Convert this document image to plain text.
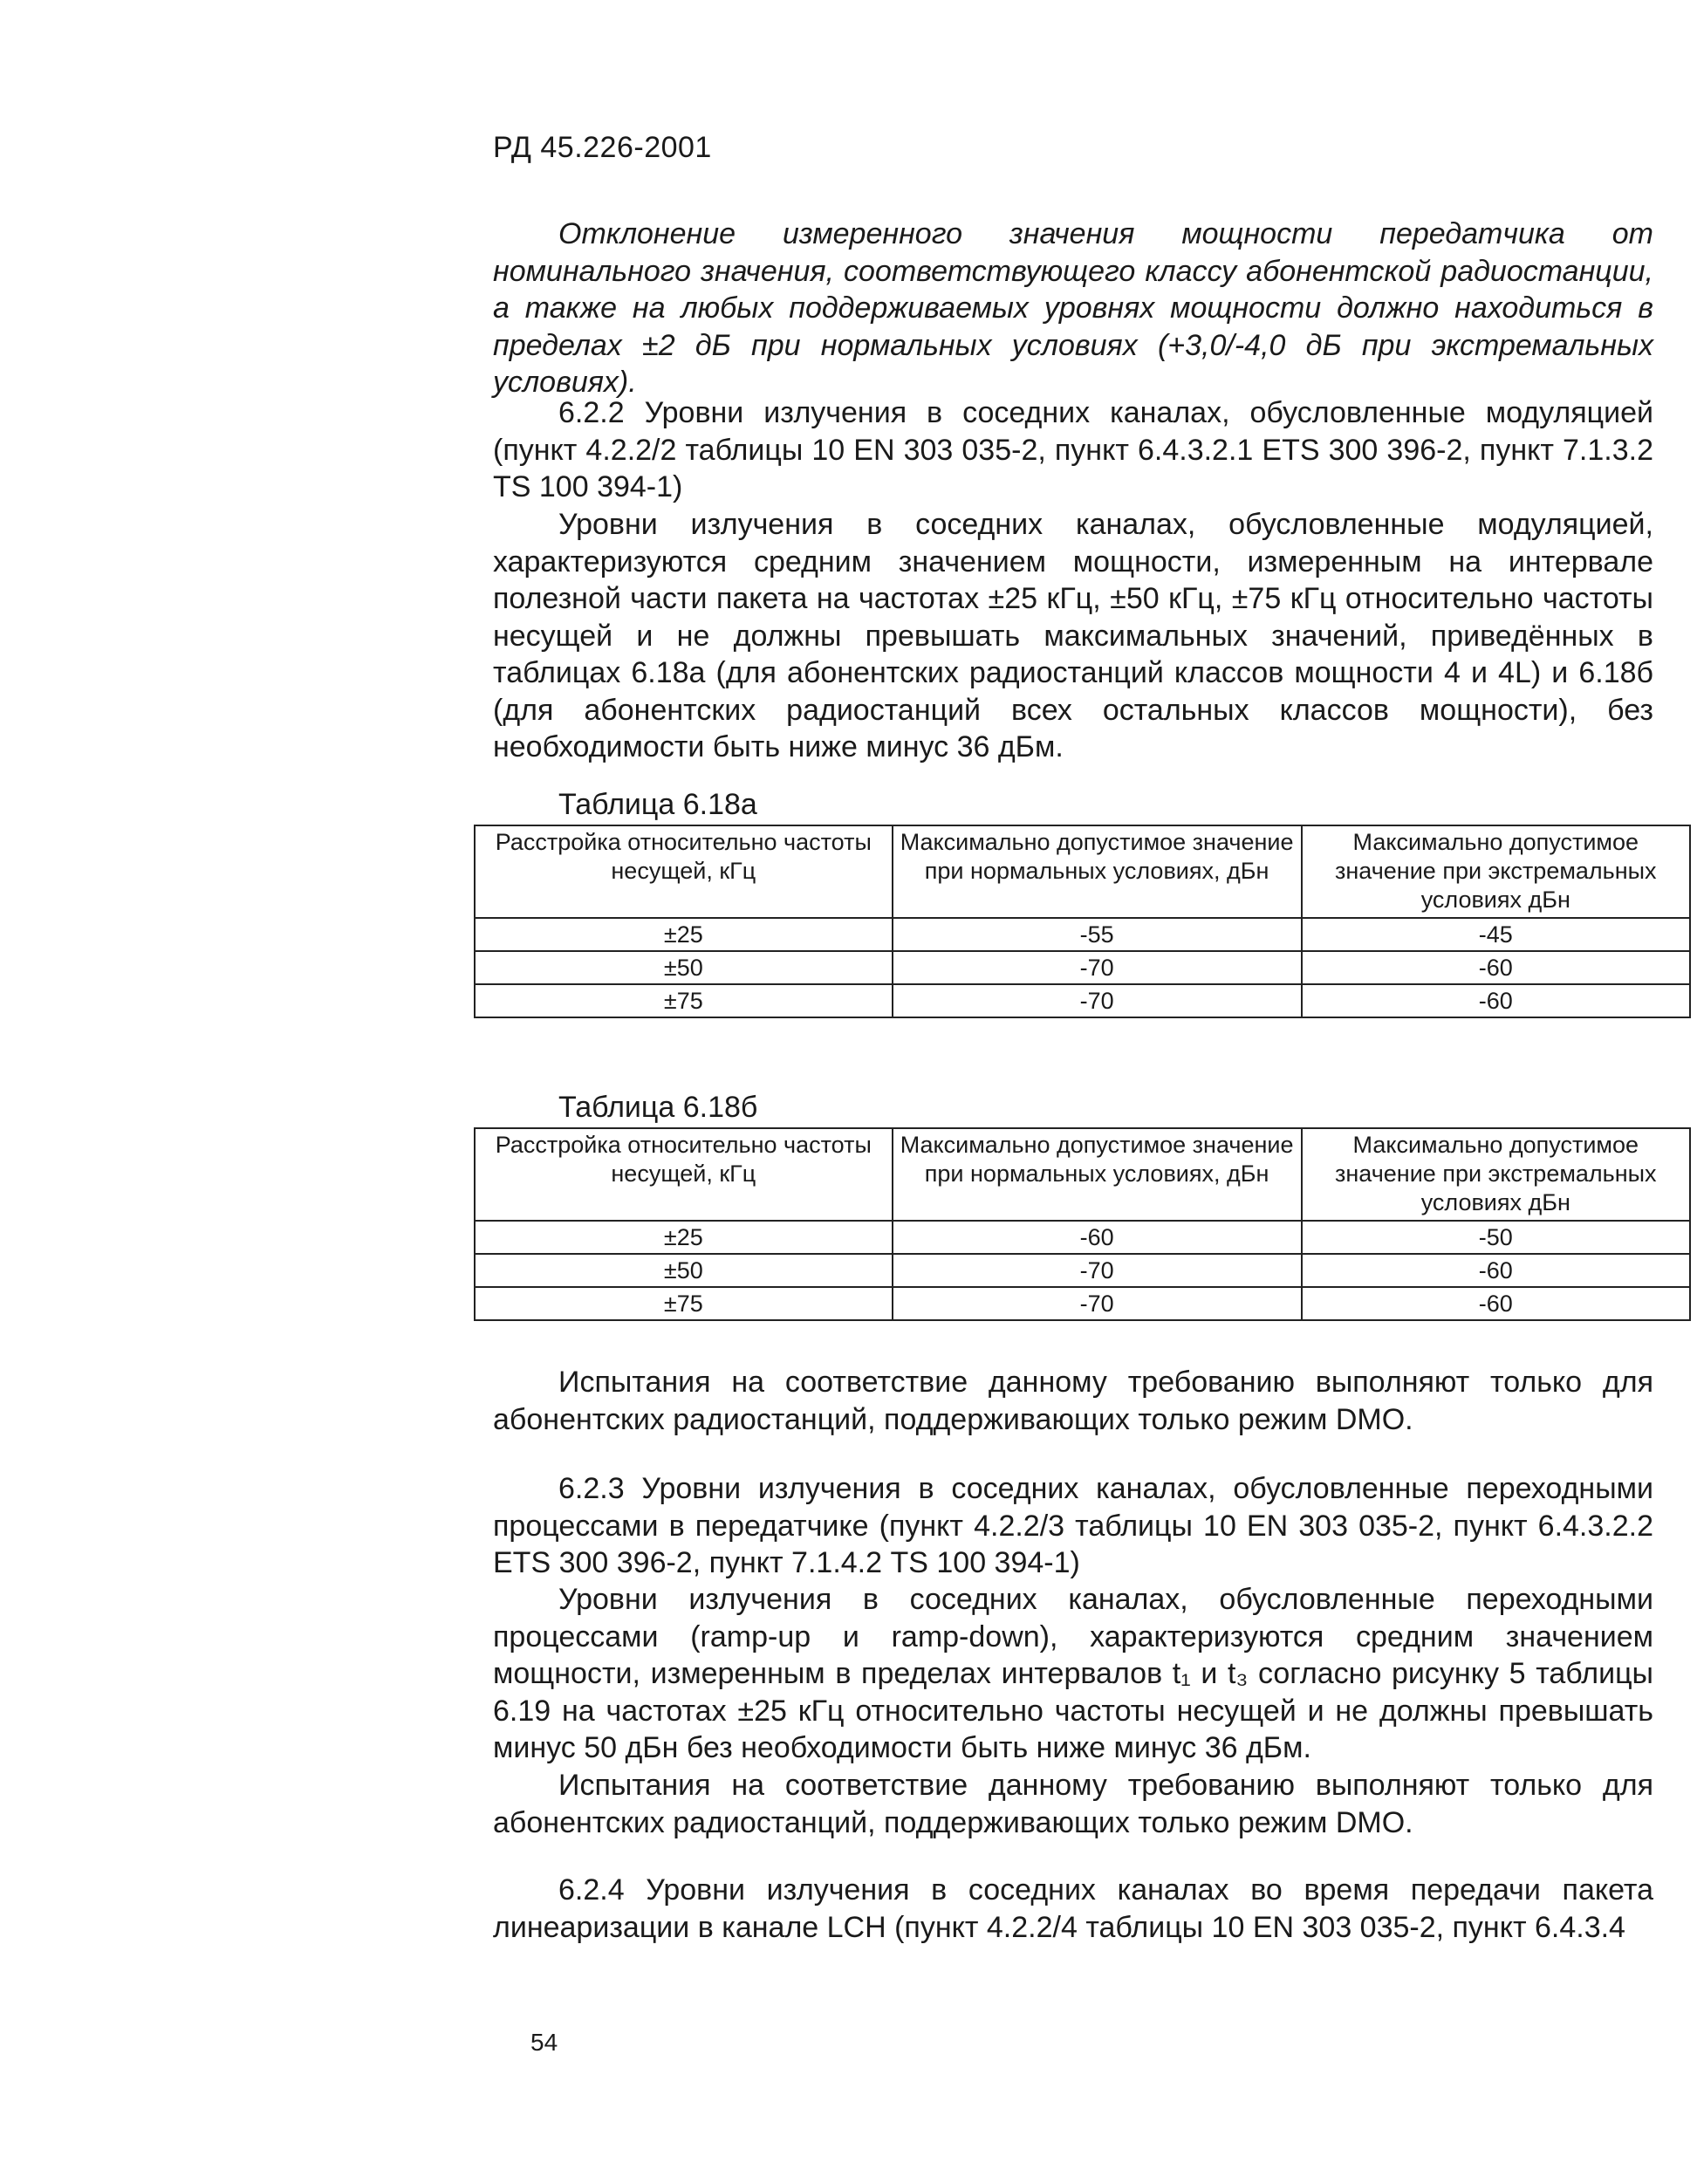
РД 45.226-2001

Отклонение измеренного значения мощности передатчика от номинального значения, соответствующего классу абонентской радиостанции, а также на любых поддерживаемых уровнях мощности должно находиться в пределах ±2 дБ при нормальных условиях (+3,0/-4,0 дБ при экстремальных условиях).

6.2.2 Уровни излучения в соседних каналах, обусловленные модуляцией (пункт 4.2.2/2 таблицы 10 EN 303 035-2, пункт 6.4.3.2.1 ETS 300 396-2, пункт 7.1.3.2 TS 100 394-1)

Уровни излучения в соседних каналах, обусловленные модуляцией, характеризуются средним значением мощности, измеренным на интервале полезной части пакета на частотах ±25 кГц, ±50 кГц, ±75 кГц относительно частоты несущей и не должны превышать максимальных значений, приведённых в таблицах 6.18а (для абонентских радиостанций классов мощности 4 и 4L) и 6.18б (для абонентских радиостанций всех остальных классов мощности), без необходимости быть ниже минус 36 дБм.

Таблица 6.18а
Расстройка относительно частоты несущей, кГц	Максимально допустимое значение при нормальных условиях, дБн	Максимально допустимое значение при экстремальных условиях дБн
±25	-55	-45
±50	-70	-60
±75	-70	-60
Таблица 6.18б
Расстройка относительно частоты несущей, кГц	Максимально допустимое значение при нормальных условиях, дБн	Максимально допустимое значение при экстремальных условиях дБн
±25	-60	-50
±50	-70	-60
±75	-70	-60

Испытания на соответствие данному требованию выполняют только для абонентских радиостанций, поддерживающих только режим DMO.

6.2.3 Уровни излучения в соседних каналах, обусловленные переходными процессами в передатчике (пункт 4.2.2/3 таблицы 10 EN 303 035-2, пункт 6.4.3.2.2 ETS 300 396-2, пункт 7.1.4.2 TS 100 394-1)

Уровни излучения в соседних каналах, обусловленные переходными процессами (ramp-up и ramp-down), характеризуются средним значением мощности, измеренным в пределах интервалов t₁ и t₃ согласно рисунку 5 таблицы 6.19 на частотах ±25 кГц относительно частоты несущей и не должны превышать минус 50 дБн без необходимости быть ниже минус 36 дБм.

Испытания на соответствие данному требованию выполняют только для абонентских радиостанций, поддерживающих только режим DMO.

6.2.4 Уровни излучения в соседних каналах во время передачи пакета линеаризации в канале LCH (пункт 4.2.2/4 таблицы 10 EN 303 035-2, пункт 6.4.3.4

54
